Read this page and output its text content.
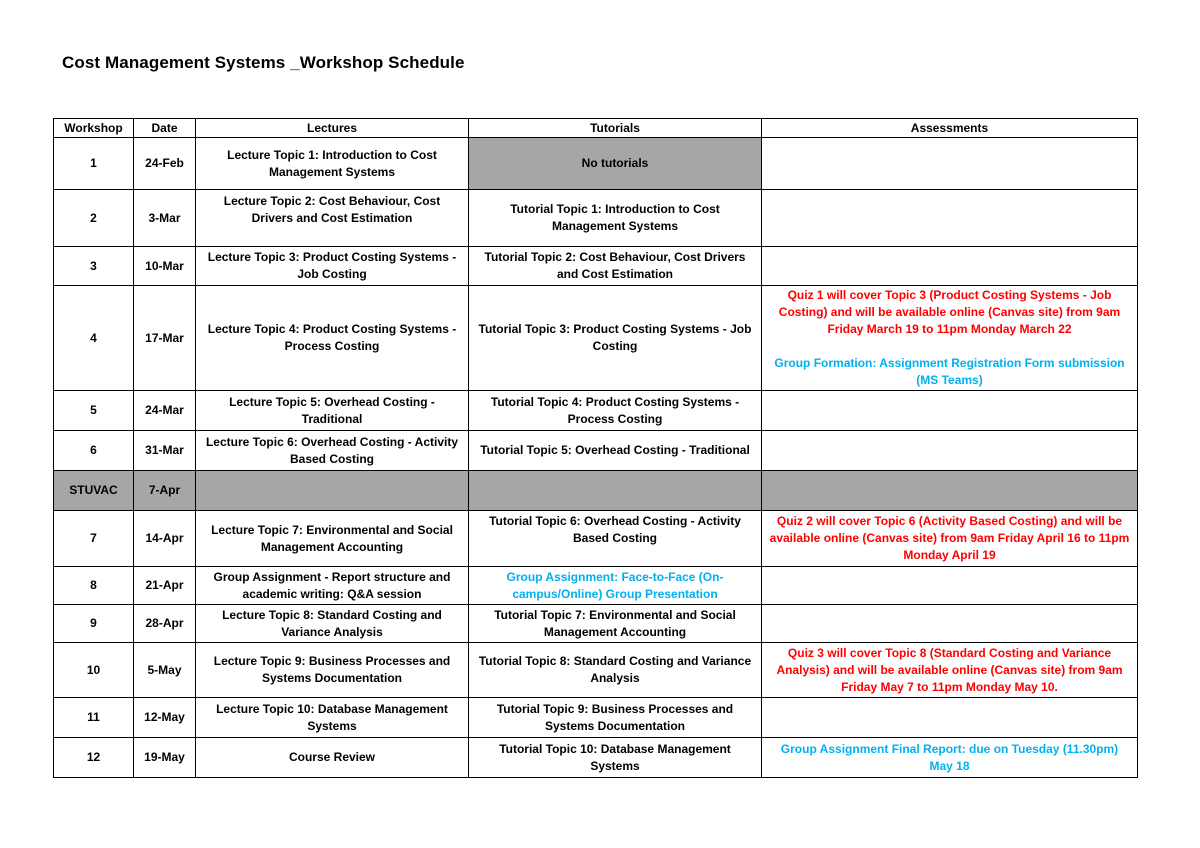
Cost Management Systems _Workshop Schedule
Workshop	Date	Lectures	Tutorials	Assessments
1	24-Feb	Lecture Topic 1: Introduction to Cost Management Systems	No tutorials	
2	3-Mar	Lecture Topic 2: Cost Behaviour, Cost Drivers and Cost Estimation	Tutorial Topic 1: Introduction to Cost Management Systems	
3	10-Mar	Lecture Topic 3: Product Costing Systems - Job Costing	Tutorial Topic 2: Cost Behaviour, Cost Drivers and Cost Estimation	
4	17-Mar	Lecture Topic 4: Product Costing Systems - Process Costing	Tutorial Topic 3: Product Costing Systems - Job Costing	Quiz 1 will cover Topic 3 (Product Costing Systems - Job Costing) and will be available online (Canvas site) from 9am Friday March 19 to 11pm Monday March 22
Group Formation: Assignment Registration Form submission (MS Teams)

5	24-Mar	Lecture Topic 5: Overhead Costing - Traditional	Tutorial Topic 4: Product Costing Systems - Process Costing	
6	31-Mar	Lecture Topic 6: Overhead Costing - Activity Based Costing	Tutorial Topic 5: Overhead Costing - Traditional	
STUVAC	7-Apr			
7	14-Apr	Lecture Topic 7: Environmental and Social Management Accounting	Tutorial Topic 6: Overhead Costing - Activity Based Costing	Quiz 2 will cover Topic 6 (Activity Based Costing) and will be available online (Canvas site) from 9am Friday April 16 to 11pm Monday April 19
8	21-Apr	Group Assignment - Report structure and academic writing: Q&A session	Group Assignment: Face-to-Face (On-campus/Online) Group Presentation	
9	28-Apr	Lecture Topic 8: Standard Costing and Variance Analysis	Tutorial Topic 7: Environmental and Social Management Accounting	
10	5-May	Lecture Topic 9: Business Processes and Systems Documentation	Tutorial Topic 8: Standard Costing and Variance Analysis	Quiz 3 will cover Topic 8 (Standard Costing and Variance Analysis) and will be available online (Canvas site) from 9am Friday May 7 to 11pm Monday May 10.
11	12-May	Lecture Topic 10: Database Management Systems	Tutorial Topic 9: Business Processes and Systems Documentation	
12	19-May	Course Review	Tutorial Topic 10: Database Management Systems	Group Assignment Final Report: due on Tuesday (11.30pm) May 18
